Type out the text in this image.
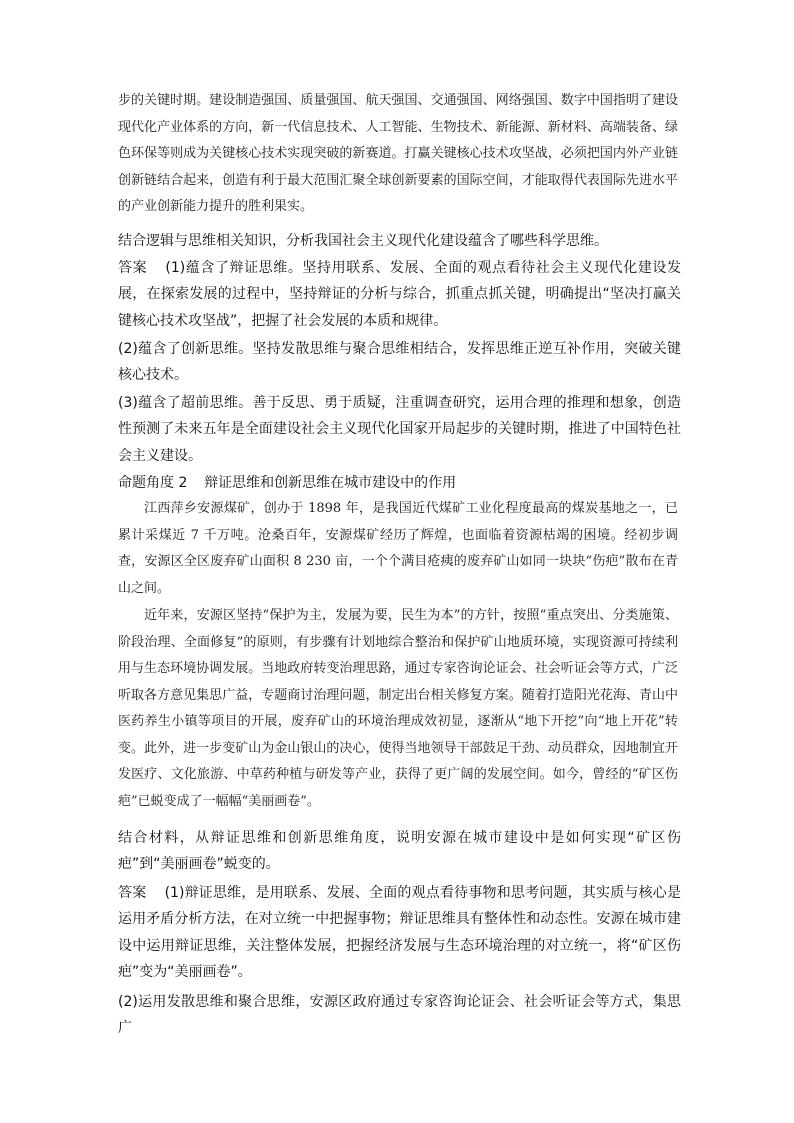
步的关键时期。建设制造强国、质量强国、航天强国、交通强国、网络强国、数字中国指明了建设现代化产业体系的方向，新一代信息技术、人工智能、生物技术、新能源、新材料、高端装备、绿色环保等则成为关键核心技术实现突破的新赛道。打赢关键核心技术攻坚战，必须把国内外产业链创新链结合起来，创造有利于最大范围汇聚全球创新要素的国际空间，才能取得代表国际先进水平的产业创新能力提升的胜利果实。

结合逻辑与思维相关知识，分析我国社会主义现代化建设蕴含了哪些科学思维。

答案 (1)蕴含了辩证思维。坚持用联系、发展、全面的观点看待社会主义现代化建设发展，在探索发展的过程中，坚持辩证的分析与综合，抓重点抓关键，明确提出“坚决打赢关键核心技术攻坚战”，把握了社会发展的本质和规律。

(2)蕴含了创新思维。坚持发散思维与聚合思维相结合，发挥思维正逆互补作用，突破关键核心技术。

(3)蕴含了超前思维。善于反思、勇于质疑，注重调查研究，运用合理的推理和想象，创造性预测了未来五年是全面建设社会主义现代化国家开局起步的关键时期，推进了中国特色社会主义建设。

命题角度 2 辩证思维和创新思维在城市建设中的作用

江西萍乡安源煤矿，创办于 1898 年，是我国近代煤矿工业化程度最高的煤炭基地之一，已累计采煤近 7 千万吨。沧桑百年，安源煤矿经历了辉煌，也面临着资源枯竭的困境。经初步调查，安源区全区废弃矿山面积 8 230 亩，一个个满目疮痍的废弃矿山如同一块块“伤疤”散布在青山之间。

近年来，安源区坚持“保护为主，发展为要，民生为本”的方针，按照“重点突出、分类施策、阶段治理、全面修复”的原则，有步骤有计划地综合整治和保护矿山地质环境，实现资源可持续利用与生态环境协调发展。当地政府转变治理思路，通过专家咨询论证会、社会听证会等方式，广泛听取各方意见集思广益，专题商讨治理问题，制定出台相关修复方案。随着打造阳光花海、青山中医药养生小镇等项目的开展，废弃矿山的环境治理成效初显，逐渐从“地下开挖”向“地上开花”转变。此外，进一步变矿山为金山银山的决心，使得当地领导干部鼓足干劲、动员群众，因地制宜开发医疗、文化旅游、中草药种植与研发等产业，获得了更广阔的发展空间。如今，曾经的“矿区伤疤”已蜕变成了一幅幅“美丽画卷”。

结合材料，从辩证思维和创新思维角度，说明安源在城市建设中是如何实现“矿区伤疤”到“美丽画卷”蜕变的。

答案 (1)辩证思维，是用联系、发展、全面的观点看待事物和思考问题，其实质与核心是运用矛盾分析方法，在对立统一中把握事物；辩证思维具有整体性和动态性。安源在城市建设中运用辩证思维，关注整体发展，把握经济发展与生态环境治理的对立统一，将“矿区伤疤”变为“美丽画卷”。

(2)运用发散思维和聚合思维，安源区政府通过专家咨询论证会、社会听证会等方式，集思广
